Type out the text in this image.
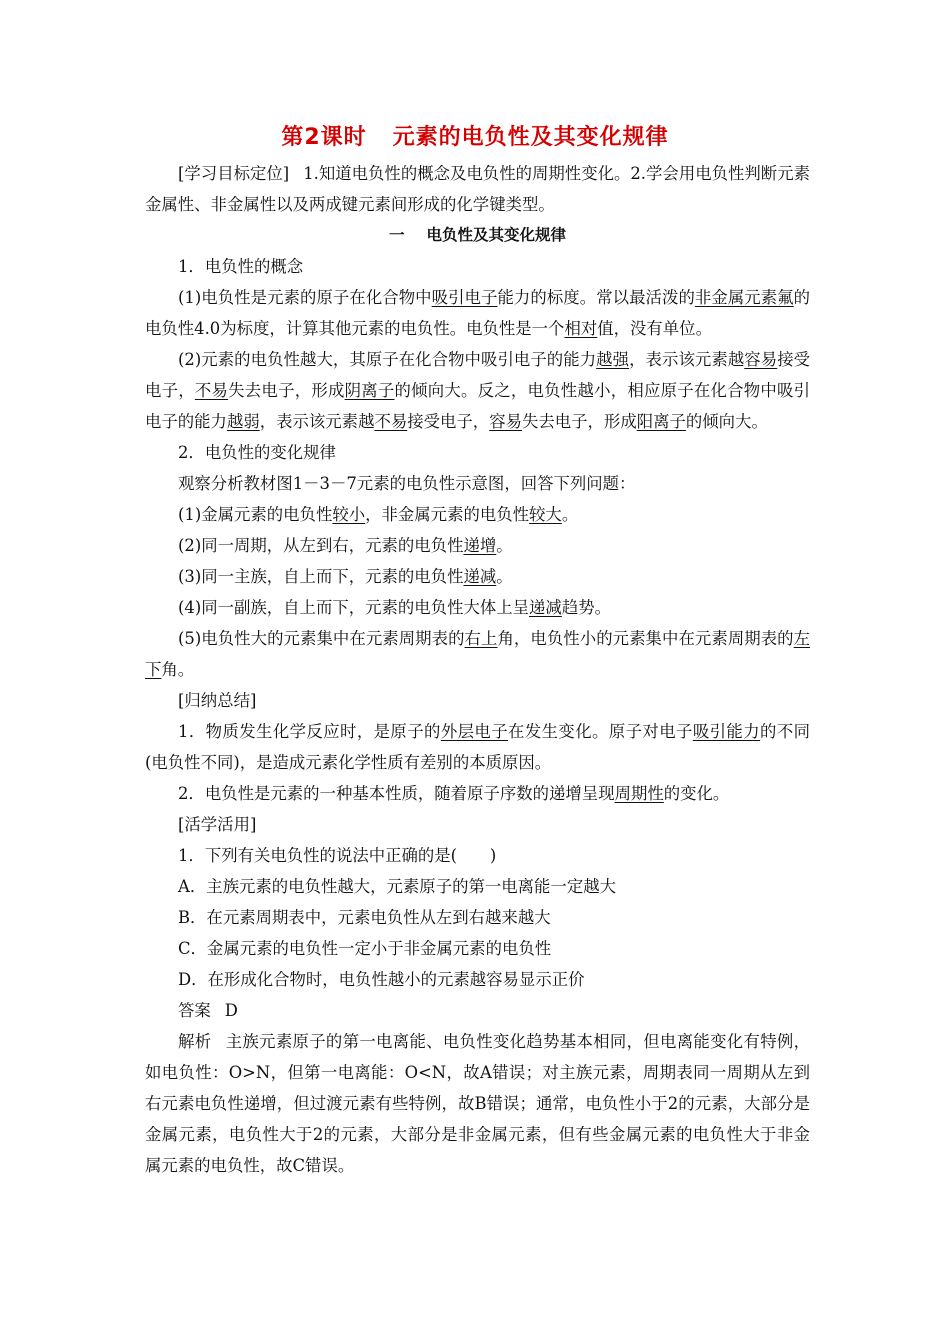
第2课时 元素的电负性及其变化规律

[学习目标定位] 1.知道电负性的概念及电负性的周期性变化。2.学会用电负性判断元素金属性、非金属性以及两成键元素间形成的化学键类型。

一 电负性及其变化规律

1．电负性的概念

(1)电负性是元素的原子在化合物中吸引电子能力的标度。常以最活泼的非金属元素氟的电负性4.0为标度，计算其他元素的电负性。电负性是一个相对值，没有单位。

(2)元素的电负性越大，其原子在化合物中吸引电子的能力越强，表示该元素越容易接受电子，不易失去电子，形成阴离子的倾向大。反之，电负性越小，相应原子在化合物中吸引电子的能力越弱，表示该元素越不易接受电子，容易失去电子，形成阳离子的倾向大。

2．电负性的变化规律

观察分析教材图1－3－7元素的电负性示意图，回答下列问题：

(1)金属元素的电负性较小，非金属元素的电负性较大。

(2)同一周期，从左到右，元素的电负性递增。

(3)同一主族，自上而下，元素的电负性递减。

(4)同一副族，自上而下，元素的电负性大体上呈递减趋势。

(5)电负性大的元素集中在元素周期表的右上角，电负性小的元素集中在元素周期表的左下角。

[归纳总结]

1．物质发生化学反应时，是原子的外层电子在发生变化。原子对电子吸引能力的不同(电负性不同)，是造成元素化学性质有差别的本质原因。

2．电负性是元素的一种基本性质，随着原子序数的递增呈现周期性的变化。

[活学活用]

1．下列有关电负性的说法中正确的是(　　)

A．主族元素的电负性越大，元素原子的第一电离能一定越大

B．在元素周期表中，元素电负性从左到右越来越大

C．金属元素的电负性一定小于非金属元素的电负性

D．在形成化合物时，电负性越小的元素越容易显示正价

答案 D

解析 主族元素原子的第一电离能、电负性变化趋势基本相同，但电离能变化有特例，如电负性：O>N，但第一电离能：O<N，故A错误；对主族元素，周期表同一周期从左到右元素电负性递增，但过渡元素有些特例，故B错误；通常，电负性小于2的元素，大部分是金属元素，电负性大于2的元素，大部分是非金属元素，但有些金属元素的电负性大于非金属元素的电负性，故C错误。
